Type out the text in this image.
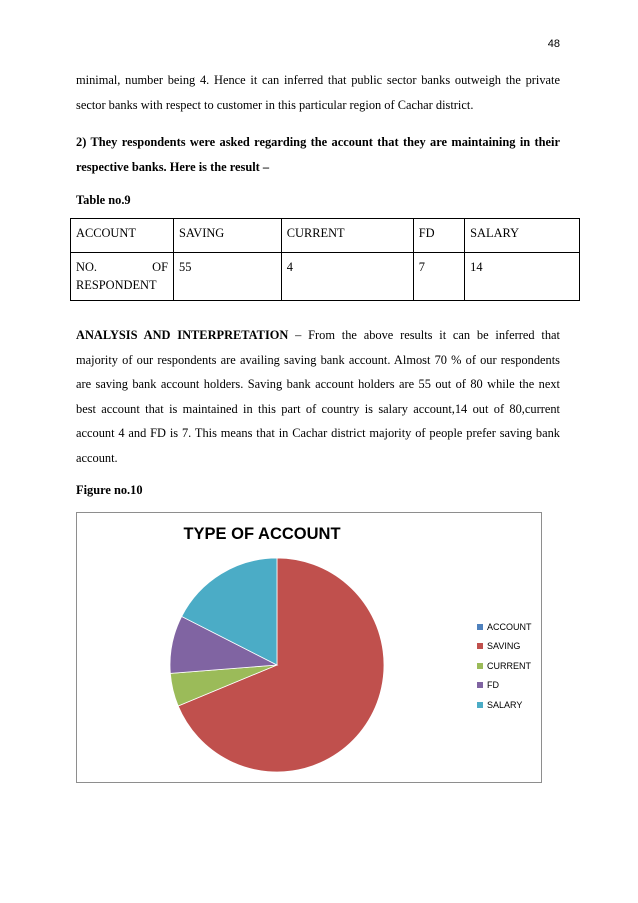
48

minimal, number being 4. Hence it can inferred that public sector banks outweigh the private sector banks with respect to customer in this particular region of Cachar district.

2) They respondents were asked regarding the account that they are maintaining in their respective banks. Here is the result –

Table no.9
ACCOUNT	SAVING	CURRENT	FD	SALARY

NO. OF
RESPONDENT	55	4	7	14

ANALYSIS AND INTERPRETATION – From the above results it can be inferred that majority of our respondents are availing saving bank account. Almost 70 % of our respondents are saving bank account holders. Saving bank account holders are 55 out of 80 while the next best account that is maintained in this part of country is salary account,14 out of 80,current account 4 and FD is 7. This means that in Cachar district majority of people prefer saving bank account.

Figure no.10
TYPE OF ACCOUNT
ACCOUNT
SAVING
CURRENT
FD
SALARY
